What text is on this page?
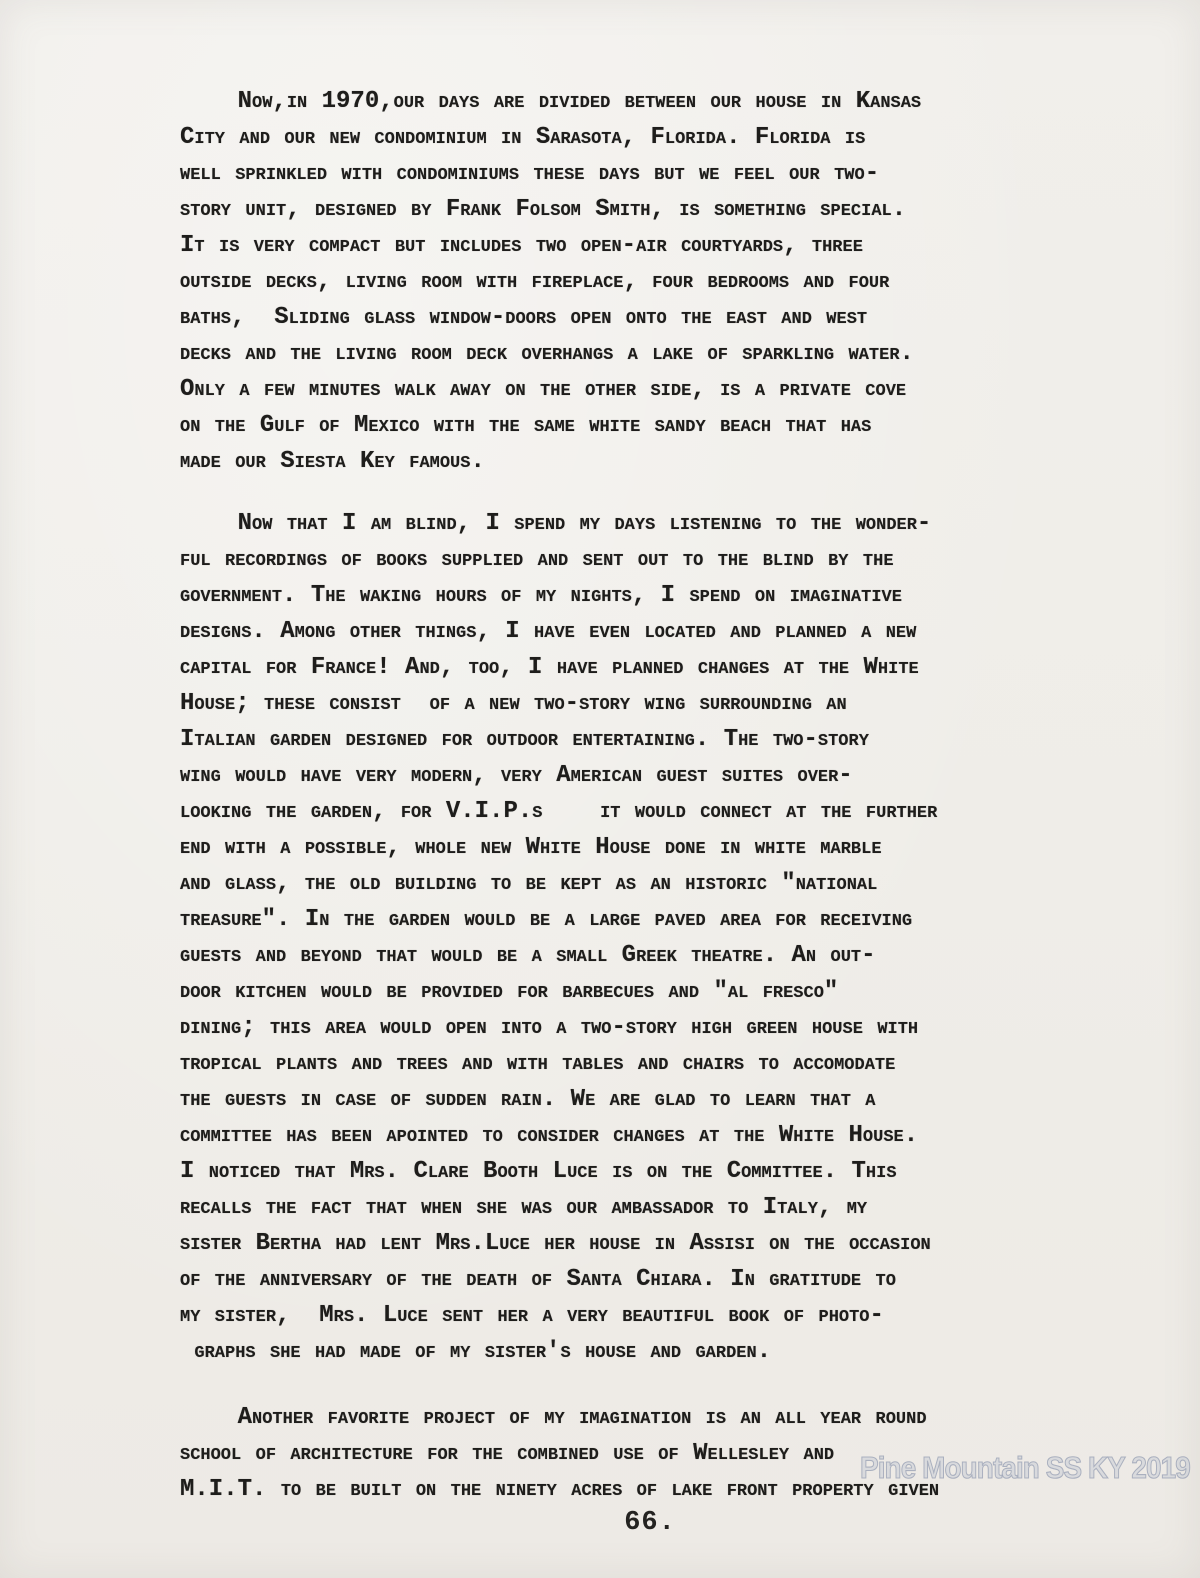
Now,in 1970,our days are divided between our house in Kansas
City and our new condominium in Sarasota, Florida. Florida is
well sprinkled with condominiums these days but we feel our two-
story unit, designed by Frank Folsom Smith, is something special.
It is very compact but includes two open-air courtyards, three
outside decks, living room with fireplace, four bedrooms and four
baths,  Sliding glass window-doors open onto the east and west
decks and the living room deck overhangs a lake of sparkling water.
Only a few minutes walk away on the other side, is a private cove
on the Gulf of Mexico with the same white sandy beach that has
made our Siesta Key famous.
Now that I am blind, I spend my days listening to the wonder-
ful recordings of books supplied and sent out to the blind by the
government. The waking hours of my nights, I spend on imaginative
designs. Among other things, I have even located and planned a new
capital for France! And, too, I have planned changes at the White
House; these consist  of a new two-story wing surrounding an
Italian garden designed for outdoor entertaining. The two-story
wing would have very modern, very American guest suites over-
looking the garden, for V.I.P.s    it would connect at the further
end with a possible, whole new White House done in white marble
and glass, the old building to be kept as an historic "national
treasure". In the garden would be a large paved area for receiving
guests and beyond that would be a small Greek theatre. An out-
door kitchen would be provided for barbecues and "al fresco"
dining; this area would open into a two-story high green house with
tropical plants and trees and with tables and chairs to accomodate
the guests in case of sudden rain. We are glad to learn that a
committee has been apointed to consider changes at the White House.
I noticed that Mrs. Clare Booth Luce is on the Committee. This
recalls the fact that when she was our ambassador to Italy, my
sister Bertha had lent Mrs.Luce her house in Assisi on the occasion
of the anniversary of the death of Santa Chiara. In gratitude to
my sister,  Mrs. Luce sent her a very beautiful book of photo-
graphs she had made of my sister's house and garden.
Another favorite project of my imagination is an all year round
school of architecture for the combined use of Wellesley and
M.I.T. to be built on the ninety acres of lake front property given
Pine Mountain SS KY 2019
66.
